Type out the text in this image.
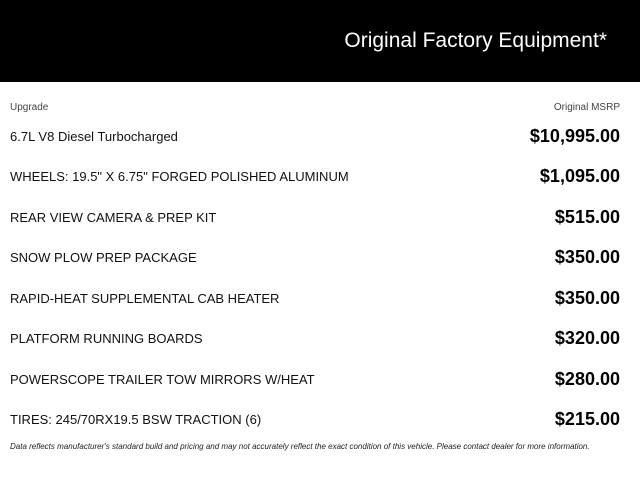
Original Factory Equipment*
Upgrade	Original MSRP
6.7L V8 Diesel Turbocharged	$10,995.00
WHEELS: 19.5" X 6.75" FORGED POLISHED ALUMINUM	$1,095.00
REAR VIEW CAMERA & PREP KIT	$515.00
SNOW PLOW PREP PACKAGE	$350.00
RAPID-HEAT SUPPLEMENTAL CAB HEATER	$350.00
PLATFORM RUNNING BOARDS	$320.00
POWERSCOPE TRAILER TOW MIRRORS W/HEAT	$280.00
TIRES: 245/70RX19.5 BSW TRACTION (6)	$215.00
Data reflects manufacturer's standard build and pricing and may not accurately reflect the exact condition of this vehicle. Please contact dealer for more information.
